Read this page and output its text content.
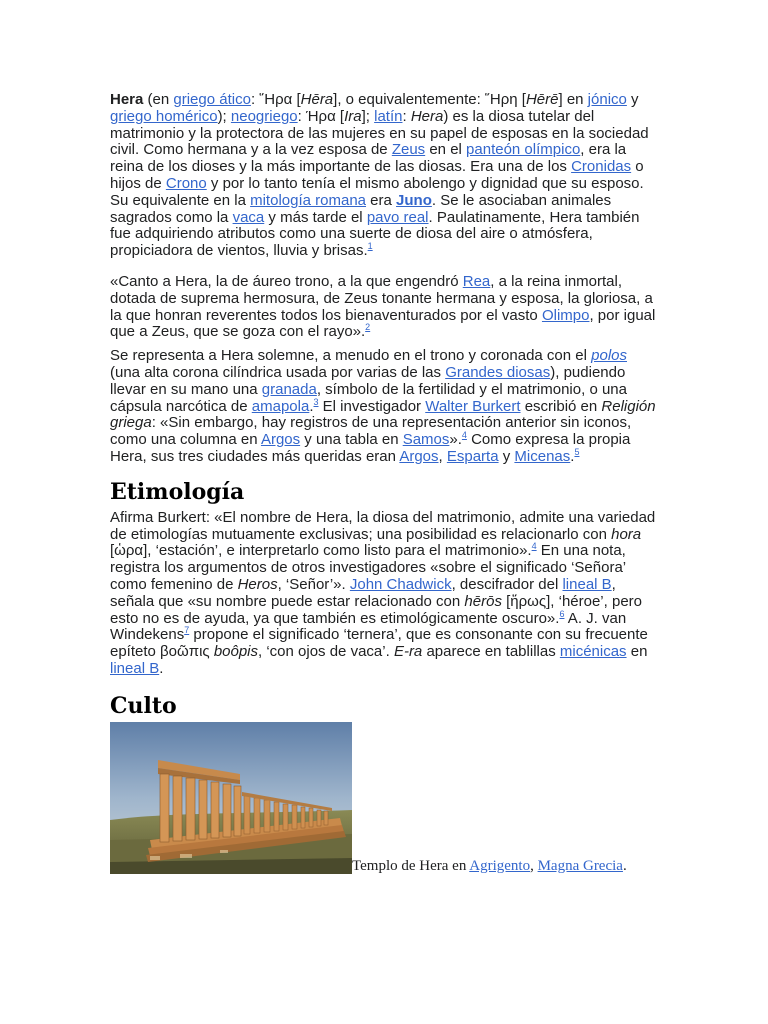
Hera (en griego ático: ῞Ηρα [Hēra], o equivalentemente: ῞Ηρη [Hērē] en jónico y griego homérico); neogriego: Ήρα [Ira]; latín: Hera) es la diosa tutelar del matrimonio y la protectora de las mujeres en su papel de esposas en la sociedad civil. Como hermana y a la vez esposa de Zeus en el panteón olímpico, era la reina de los dioses y la más importante de las diosas. Era una de los Cronidas o hijos de Crono y por lo tanto tenía el mismo abolengo y dignidad que su esposo. Su equivalente en la mitología romana era Juno. Se le asociaban animales sagrados como la vaca y más tarde el pavo real. Paulatinamente, Hera también fue adquiriendo atributos como una suerte de diosa del aire o atmósfera, propiciadora de vientos, lluvia y brisas.$^1$

«Canto a Hera, la de áureo trono, a la que engendró Rea, a la reina inmortal, dotada de suprema hermosura, de Zeus tonante hermana y esposa, la gloriosa, a la que honran reverentes todos los bienaventurados por el vasto Olimpo, por igual que a Zeus, que se goza con el rayo».$^2$

Se representa a Hera solemne, a menudo en el trono y coronada con el polos (una alta corona cilíndrica usada por varias de las Grandes diosas), pudiendo llevar en su mano una granada, símbolo de la fertilidad y el matrimonio, o una cápsula narcótica de amapola.$^3$ El investigador Walter Burkert escribió en Religión griega: «Sin embargo, hay registros de una representación anterior sin iconos, como una columna en Argos y una tabla en Samos».$^4$ Como expresa la propia Hera, sus tres ciudades más queridas eran Argos, Esparta y Micenas.$^5$

Etimología

Afirma Burkert: «El nombre de Hera, la diosa del matrimonio, admite una variedad de etimologías mutuamente exclusivas; una posibilidad es relacionarlo con hora [ὡρα], ‘estación’, e interpretarlo como listo para el matrimonio».$^4$ En una nota, registra los argumentos de otros investigadores «sobre el significado ‘Señora’ como femenino de Heros, ‘Señor’». John Chadwick, descifrador del lineal B, señala que «su nombre puede estar relacionado con hērōs [ἥρως], ‘héroe’, pero esto no es de ayuda, ya que también es etimológicamente oscuro».$^6$ A. J. van Windekens$^7$ propone el significado ‘ternera’, que es consonante con su frecuente epíteto βοῶπις boôpis, ‘con ojos de vaca’. E-ra aparece en tablillas micénicas en lineal B.

Culto
Templo de Hera en Agrigento, Magna Grecia.
